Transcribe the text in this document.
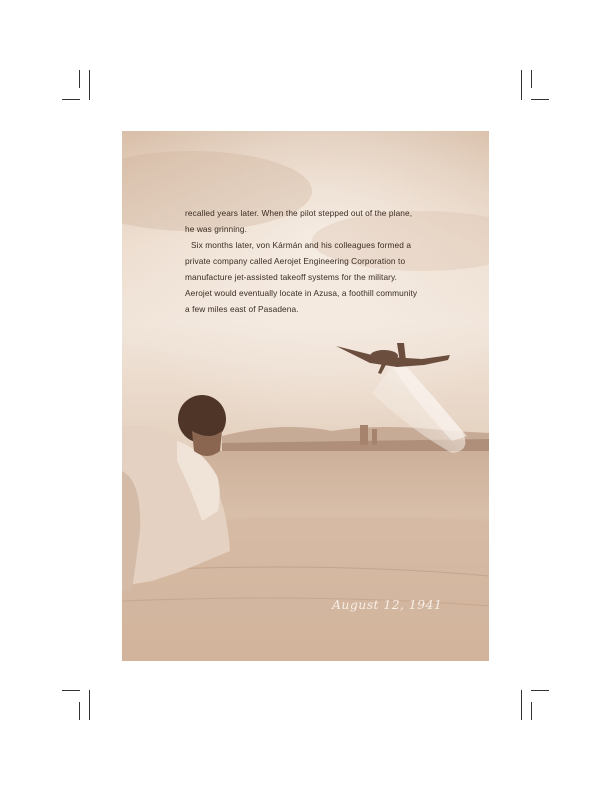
recalled years later. When the pilot stepped out of the plane,

he was grinning.

Six months later, von Kármán and his colleagues formed a

private company called Aerojet Engineering Corporation to

manufacture jet-assisted takeoff systems for the military.

Aerojet would eventually locate in Azusa, a foothill community

a few miles east of Pasadena.

August 12, 1941
